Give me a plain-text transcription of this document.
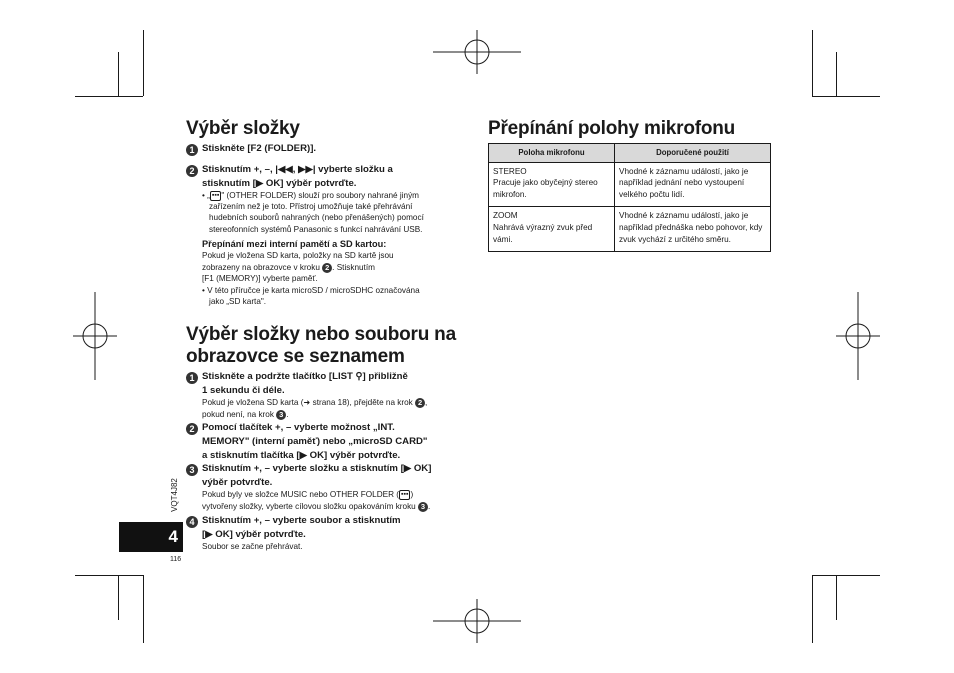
Výběr složky
1 Stiskněte [F2 (FOLDER)].
2 Stisknutím +, –, |◀◀, ▶▶| vyberte složku a
stisknutím [▶ OK] výběr potvrďte.
• „ ▪▪▪ " (OTHER FOLDER) slouží pro soubory nahrané jiným
zařízením než je toto. Přístroj umožňuje také přehrávání
hudebních souborů nahraných (nebo přenášených) pomocí
stereofonních systémů Panasonic s funkcí nahrávání USB.
Přepínání mezi interní pamětí a SD kartou:
Pokud je vložena SD karta, položky na SD kartě jsou
zobrazeny na obrazovce v kroku 2 . Stisknutím
[F1 (MEMORY)] vyberte paměť.
• V této příručce je karta microSD / microSDHC označována
jako „SD karta".
Výběr složky nebo souboru na
obrazovce se seznamem
1 Stiskněte a podržte tlačítko [LIST ⚲] přibližně
1 sekundu či déle.
Pokud je vložena SD karta (➜ strana 18), přejděte na krok 2 ,
pokud není, na krok 3 .
2 Pomocí tlačítek +, – vyberte možnost „INT.
MEMORY" (interní paměť) nebo „microSD CARD"
a stisknutím tlačítka [▶ OK] výběr potvrďte.
3 Stisknutím +, – vyberte složku a stisknutím [▶ OK]
výběr potvrďte.
Pokud byly ve složce MUSIC nebo OTHER FOLDER ( ▪▪▪ )
vytvořeny složky, vyberte cílovou složku opakováním kroku 3 .
4 Stisknutím +, – vyberte soubor a stisknutím
[▶ OK] výběr potvrďte.
Soubor se začne přehrávat.
VQT4J82
4
116
Přepínání polohy mikrofonu
Poloha mikrofonu	Doporučené použití
STEREO
Pracuje jako obyčejný stereo mikrofon.	Vhodné k záznamu událostí, jako je například jednání nebo vystoupení velkého počtu lidí.
ZOOM
Nahrává výrazný zvuk před vámi.	Vhodné k záznamu událostí, jako je například přednáška nebo pohovor, kdy zvuk vychází z určitého směru.
